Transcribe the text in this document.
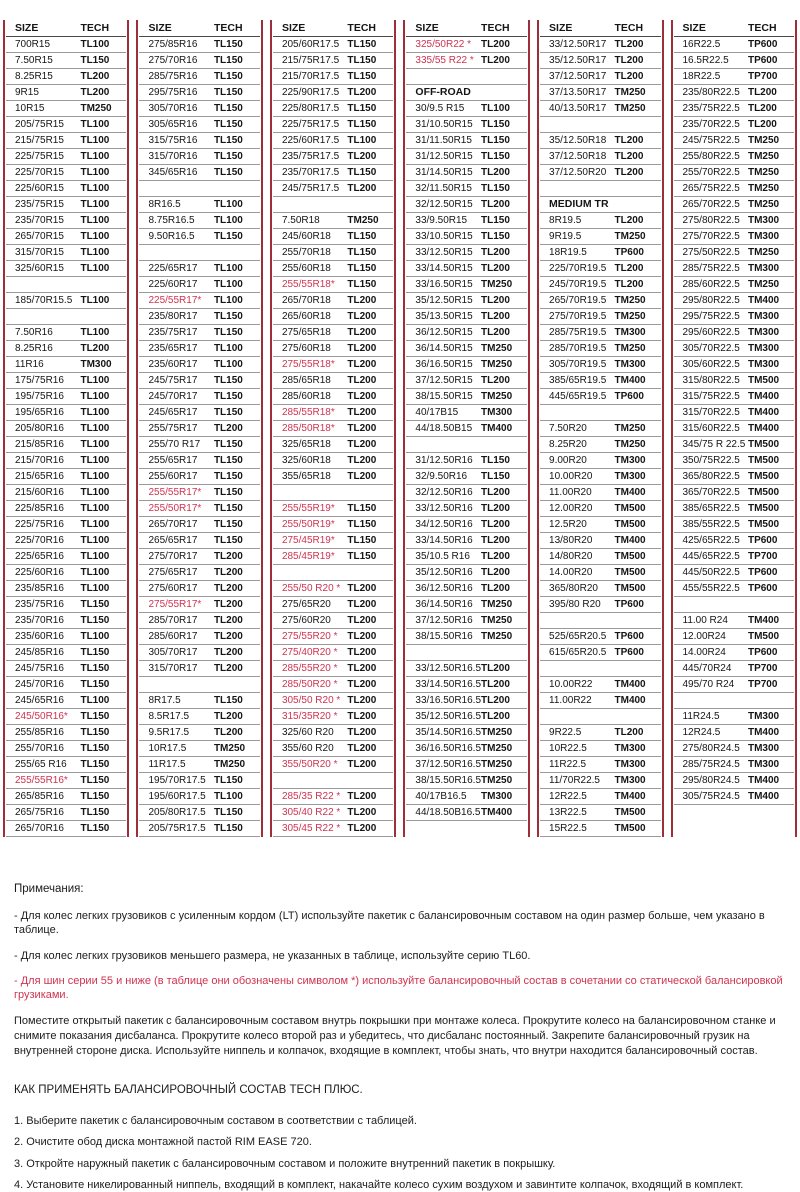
SIZE	TECH
700R15	TL100
7.50R15	TL150
8.25R15	TL200
9R15	TL200
10R15	TM250
205/75R15	TL100
215/75R15	TL100
225/75R15	TL100
225/70R15	TL100
225/60R15	TL100
235/75R15	TL100
235/70R15	TL100
265/70R15	TL100
315/70R15	TL100
325/60R15	TL100
185/70R15.5 TL100
7.50R16	TL100
8.25R16	TL200
11R16	TM300
175/75R16	TL100
195/75R16	TL100
195/65R16	TL100
205/80R16	TL100
215/85R16	TL100
215/70R16	TL100
215/65R16	TL100
215/60R16	TL100
225/85R16	TL100
225/75R16	TL100
225/70R16	TL100
225/65R16	TL100
225/60R16	TL100
235/85R16	TL100
235/75R16	TL150
235/70R16	TL150
235/60R16	TL100
245/85R16	TL150
245/75R16	TL150
245/70R16	TL150
245/65R16	TL100
245/50R16*	TL150
255/85R16	TL150
255/70R16	TL150
255/65 R16	TL150
255/55R16*	TL150
265/85R16	TL150
265/75R16	TL150
265/70R16	TL150
SIZE	TECH
275/85R16	TL150
275/70R16	TL150
285/75R16	TL150
295/75R16	TL150
305/70R16	TL150
305/65R16	TL150
315/75R16	TL150
315/70R16	TL150
345/65R16	TL150
8R16.5	TL100
8.75R16.5	TL100
9.50R16.5	TL150
225/65R17	TL100
225/60R17	TL100
225/55R17*	TL100
235/80R17	TL150
235/75R17	TL150
235/65R17	TL100
235/60R17	TL100
245/75R17	TL150
245/70R17	TL150
245/65R17	TL150
255/75R17	TL200
255/70 R17	TL150
255/65R17	TL150
255/60R17	TL150
255/55R17*	TL150
255/50R17*	TL150
265/70R17	TL150
265/65R17	TL150
275/70R17	TL200
275/65R17	TL200
275/60R17	TL200
275/55R17*	TL200
285/70R17	TL200
285/60R17	TL200
305/70R17	TL200
315/70R17	TL200
8R17.5	TL150
8.5R17.5	TL200
9.5R17.5	TL200
10R17.5	TM250
11R17.5	TM250
195/70R17.5 TL150
195/60R17.5 TL100
205/80R17.5 TL150
205/75R17.5 TL150
SIZE	TECH
205/60R17.5 TL150
215/75R17.5 TL150
215/70R17.5 TL150
225/90R17.5 TL200
225/80R17.5 TL150
225/75R17.5 TL150
225/60R17.5 TL100
235/75R17.5 TL200
235/70R17.5 TL150
245/75R17.5 TL200
7.50R18	TM250
245/60R18	TL150
255/70R18	TL150
255/60R18	TL150
255/55R18*	TL150
265/70R18	TL200
265/60R18	TL200
275/65R18	TL200
275/60R18	TL200
275/55R18*	TL200
285/65R18	TL200
285/60R18	TL200
285/55R18*	TL200
285/50R18*	TL200
325/65R18	TL200
325/60R18	TL200
355/65R18	TL200
255/55R19*	TL150
255/50R19*	TL150
275/45R19*	TL150
285/45R19*	TL150
255/50 R20 * TL200
275/65R20	TL200
275/60R20	TL200
275/55R20 * TL200
275/40R20 * TL200
285/55R20 * TL200
285/50R20 * TL200
305/50 R20 * TL200
315/35R20 * TL200
325/60 R20	TL200
355/60 R20	TL200
355/50R20 * TL200
285/35 R22 * TL200
305/40 R22 * TL200
305/45 R22 * TL200
SIZE	TECH
325/50R22 *	TL200
335/55 R22 * TL200
OFF-ROAD
30/9.5 R15	TL100
31/10.50R15 TL150
31/11.50R15 TL150
31/12.50R15 TL150
31/14.50R15 TL200
32/11.50R15 TL150
32/12.50R15 TL200
33/9.50R15	TL150
33/10.50R15 TL150
33/12.50R15 TL200
33/14.50R15 TL200
33/16.50R15 TM250
35/12.50R15 TL200
35/13.50R15 TL200
36/12.50R15 TL200
36/14.50R15 TM250
36/16.50R15 TM250
37/12.50R15 TL200
38/15.50R15 TM250
40/17B15	TM300
44/18.50B15 TM400
31/12.50R16 TL150
32/9.50R16	TL150
32/12.50R16 TL200
33/12.50R16 TL200
34/12.50R16 TL200
33/14.50R16 TL200
35/10.5 R16	TL200
35/12.50R16 TL200
36/12.50R16 TL200
36/14.50R16 TM250
37/12.50R16 TM250
38/15.50R16 TM250
33/12.50R16.5 TL200
33/14.50R16.5 TL200
33/16.50R16.5 TL200
35/12.50R16.5 TL200
35/14.50R16.5 TM250
36/16.50R16.5 TM250
37/12.50R16.5 TM250
38/15.50R16.5 TM250
40/17B16.5	TM300
44/18.50B16.5 TM400
SIZE	TECH
33/12.50R17 TL200
35/12.50R17 TL200
37/12.50R17 TL200
37/13.50R17 TM250
40/13.50R17 TM250
35/12.50R18 TL200
37/12.50R18 TL200
37/12.50R20 TL200
MEDIUM TR
8R19.5	TL200
9R19.5	TM250
18R19.5	TP600
225/70R19.5 TL200
245/70R19.5 TL200
265/70R19.5 TM250
275/70R19.5 TM250
285/75R19.5 TM300
285/70R19.5 TM250
305/70R19.5 TM300
385/65R19.5 TM400
445/65R19.5 TP600
7.50R20	TM250
8.25R20	TM250
9.00R20	TM300
10.00R20	TM300
11.00R20	TM400
12.00R20	TM500
12.5R20	TM500
13/80R20	TM400
14/80R20	TM500
14.00R20	TM500
365/80R20	TM500
395/80 R20	TP600
525/65R20.5 TP600
615/65R20.5 TP600
10.00R22	TM400
11.00R22	TM400
9R22.5	TL200
10R22.5	TM300
11R22.5	TM300
11/70R22.5	TM300
12R22.5	TM400
13R22.5	TM500
15R22.5	TM500
SIZE	TECH
16R22.5	TP600
16.5R22.5	TP600
18R22.5	TP700
235/80R22.5 TL200
235/75R22.5 TL200
235/70R22.5 TL200
245/75R22.5 TM250
255/80R22.5 TM250
255/70R22.5 TM250
265/75R22.5 TM250
265/70R22.5 TM250
275/80R22.5 TM300
275/70R22.5 TM300
275/50R22.5 TM250
285/75R22.5 TM300
285/60R22.5 TM250
295/80R22.5 TM400
295/75R22.5 TM300
295/60R22.5 TM300
305/70R22.5 TM300
305/60R22.5 TM300
315/80R22.5 TM500
315/75R22.5 TM400
315/70R22.5 TM400
315/60R22.5 TM400
345/75 R 22.5 TM500
350/75R22.5 TM500
365/80R22.5 TM500
365/70R22.5 TM500
385/65R22.5 TM500
385/55R22.5 TM500
425/65R22.5 TP600
445/65R22.5 TP700
445/50R22.5 TP600
455/55R22.5 TP600
11.00 R24	TM400
12.00R24	TM500
14.00R24	TP600
445/70R24	TP700
495/70 R24	TP700
11R24.5	TM300
12R24.5	TM400
275/80R24.5 TM300
285/75R24.5 TM300
295/80R24.5 TM400
305/75R24.5 TM400
Примечания:
- Для колес легких грузовиков с усиленным кордом (LT) используйте пакетик с балансировочным составом на один размер больше, чем указано в таблице.
- Для колес легких грузовиков меньшего размера, не указанных в таблице, используйте серию TL60.
- Для шин серии 55 и ниже (в таблице они обозначены символом *) используйте балансировочный состав в сочетании со статической балансировкой грузиками.

Поместите открытый пакетик с балансировочным составом внутрь покрышки при монтаже колеса. Прокрутите колесо на балансировочном станке и снимите показания дисбаланса. Прокрутите колесо второй раз и убедитесь, что дисбаланс постоянный. Закрепите балансировочный грузик на внутренней стороне диска. Используйте ниппель и колпачок, входящие в комплект, чтобы знать, что внутри находится балансировочный состав.

КАК ПРИМЕНЯТЬ БАЛАНСИРОВОЧНЫЙ СОСТАВ TECH ПЛЮС.
1. Выберите пакетик с балансировочным составом в соответствии с таблицей.
2. Очистите обод диска монтажной пастой RIM EASE 720.
3. Откройте наружный пакетик с балансировочным составом и положите внутренний пакетик в покрышку.
4. Установите никелированный ниппель, входящий в комплект, накачайте колесо сухим воздухом и завинтите колпачок, входящий в комплект.
